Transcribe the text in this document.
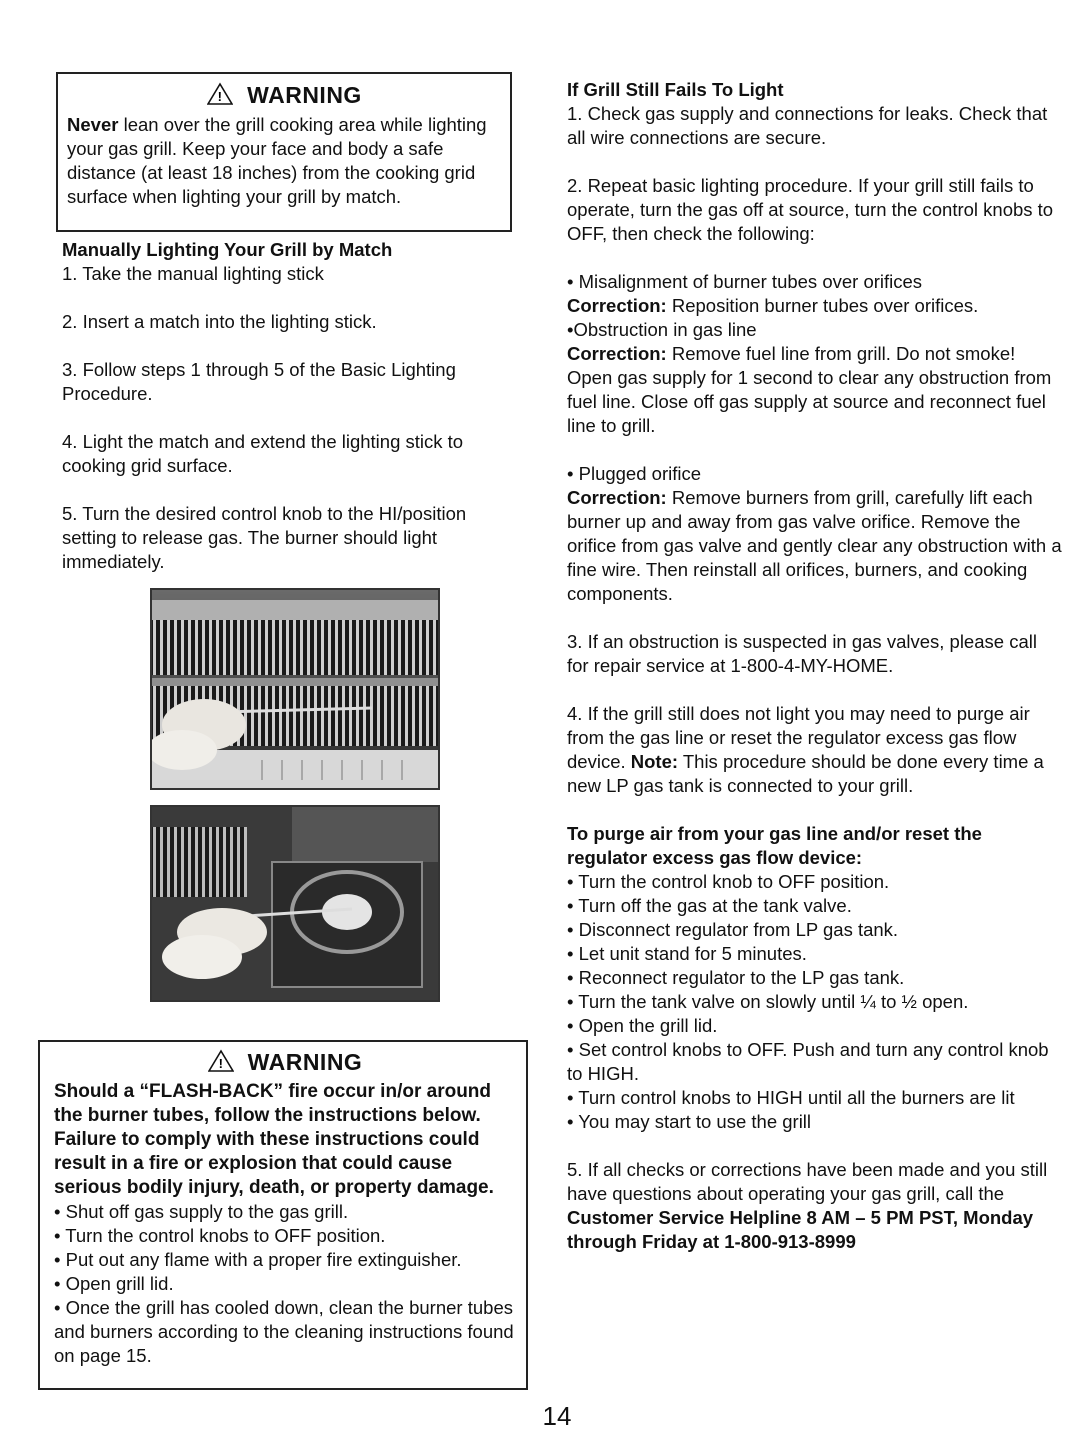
! WARNING

Never lean over the grill cooking area while lighting your gas grill. Keep your face and body a safe distance (at least 18 inches) from the cooking grid surface when lighting your grill by match.

Manually Lighting Your Grill by Match

1. Take the manual lighting stick

2. Insert a match into the lighting stick.

3. Follow steps 1 through 5 of the Basic Lighting Procedure.

4. Light the match and extend the lighting stick to cooking grid surface.

5. Turn the desired control knob to the HI/position setting to release gas. The burner should light immediately.

! WARNING

Should a “FLASH-BACK” fire occur in/or around the burner tubes, follow the instructions below. Failure to comply with these instructions could result in a fire or explosion that could cause serious bodily injury, death, or property damage.

• Shut off gas supply to the gas grill.

• Turn the control knobs to OFF position.

• Put out any flame with a proper fire extinguisher.

• Open grill lid.

• Once the grill has cooled down, clean the burner tubes and burners according to the cleaning instructions found on page 15.

If Grill Still Fails To Light

1. Check gas supply and connections for leaks. Check that all wire connections are secure.

2. Repeat basic lighting procedure. If your grill still fails to operate, turn the gas off at source, turn the control knobs to OFF, then check the following:

• Misalignment of burner tubes over orifices

Correction: Reposition burner tubes over orifices.

•Obstruction in gas line

Correction: Remove fuel line from grill. Do not smoke! Open gas supply for 1 second to clear any obstruction from fuel line. Close off gas supply at source and reconnect fuel line to grill.

• Plugged orifice

Correction: Remove burners from grill, carefully lift each burner up and away from gas valve orifice. Remove the orifice from gas valve and gently clear any obstruction with a fine wire. Then reinstall all orifices, burners, and cooking components.

3. If an obstruction is suspected in gas valves, please call for repair service at 1-800-4-MY-HOME.

4. If the grill still does not light you may need to purge air from the gas line or reset the regulator excess gas flow device. Note: This procedure should be done every time a new LP gas tank is connected to your grill.

To purge air from your gas line and/or reset the regulator excess gas flow device:

• Turn the control knob to OFF position.

• Turn off the gas at the tank valve.

• Disconnect regulator from LP gas tank.

• Let unit stand for 5 minutes.

• Reconnect regulator to the LP gas tank.

• Turn the tank valve on slowly until ¼ to ½ open.

• Open the grill lid.

• Set control knobs to OFF. Push and turn any control knob to HIGH.

• Turn control knobs to HIGH until all the burners are lit

• You may start to use the grill

5. If all checks or corrections have been made and you still have questions about operating your gas grill, call the Customer Service Helpline 8 AM – 5 PM PST, Monday through Friday at 1-800-913-8999

14
